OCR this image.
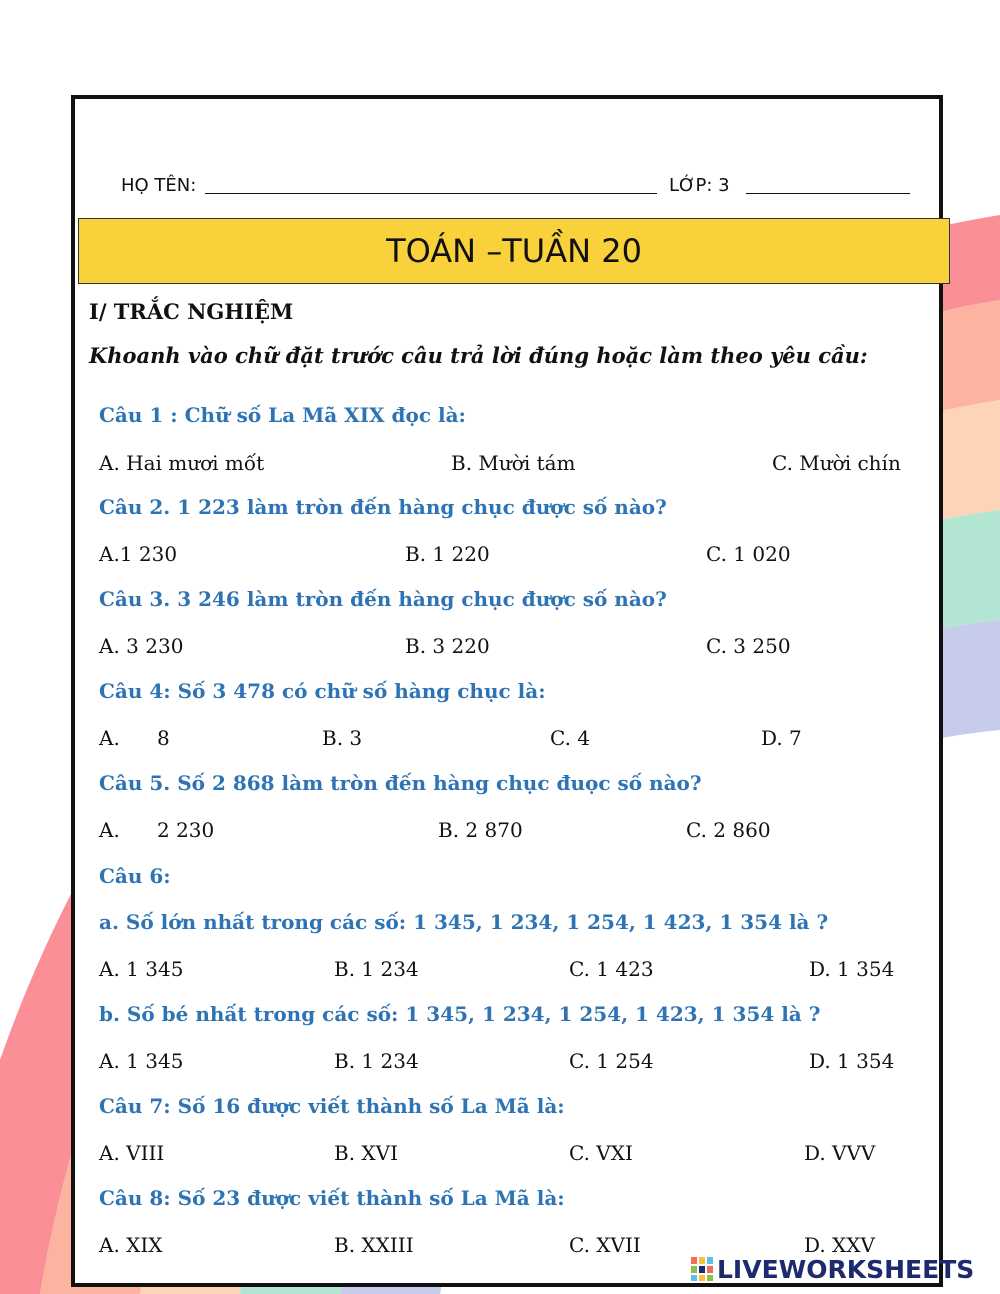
HỌ TÊN:	LỚP: 3
TOÁN –TUẦN 20
I/ TRẮC NGHIỆM
Khoanh vào chữ đặt trước câu trả lời đúng hoặc làm theo yêu cầu:
Câu 1 : Chữ số La Mã XIX đọc là:
A. Hai mươi mốt	B. Mười tám	C. Mười chín
Câu 2. 1 223 làm tròn đến hàng chục được số nào?
A.1 230	B. 1 220	C. 1 020
Câu 3. 3 246 làm tròn đến hàng chục được số nào?
A. 3 230	B. 3 220	C. 3 250
Câu 4: Số 3 478 có chữ số hàng chục là:
A. 8	B. 3	C. 4	D. 7
Câu 5. Số 2 868 làm tròn đến hàng chục đuọc số nào?
A. 2 230	B. 2 870	C. 2 860
Câu 6:
a. Số lớn nhất trong các số: 1 345, 1 234, 1 254, 1 423, 1 354 là ?
A. 1 345	B. 1 234	C. 1 423	D. 1 354
b. Số bé nhất trong các số: 1 345, 1 234, 1 254, 1 423, 1 354 là ?
A. 1 345	B. 1 234	C. 1 254	D. 1 354
Câu 7: Số 16 được viết thành số La Mã là:
A. VIII	B. XVI	C. VXI	D. VVV
Câu 8: Số 23 được viết thành số La Mã là:
A. XIX	B. XXIII	C. XVII	D. XXV
LIVEWORKSHEETS
